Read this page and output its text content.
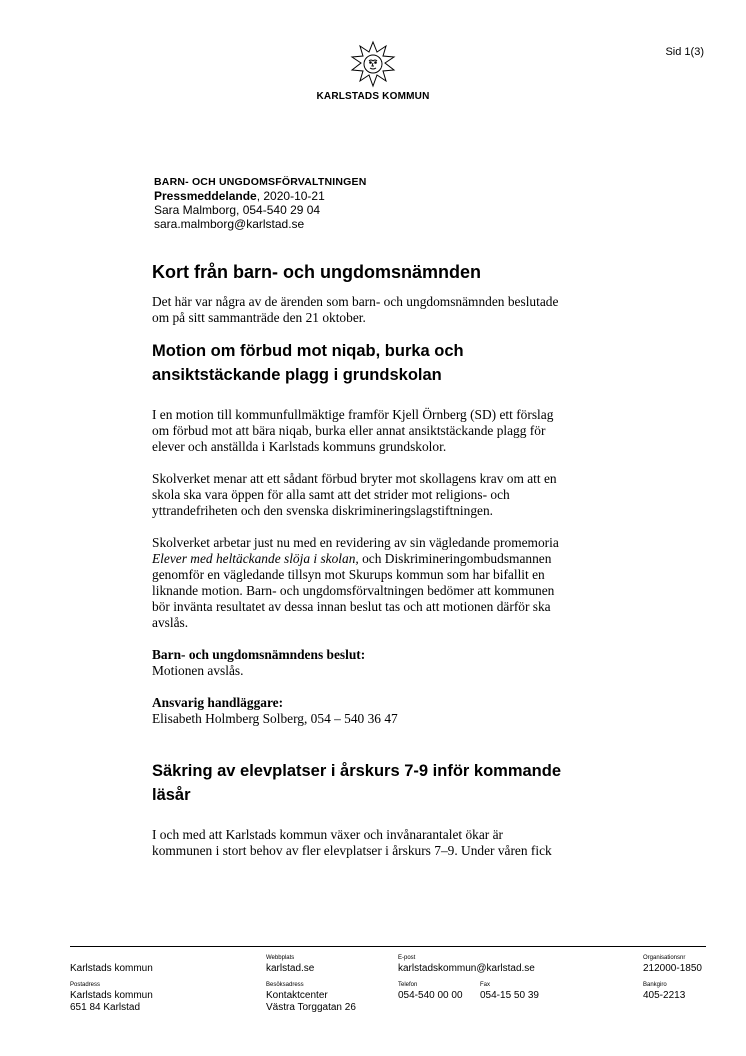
Sid 1(3)
KARLSTADS KOMMUN
BARN- OCH UNGDOMSFÖRVALTNINGEN
Pressmeddelande, 2020-10-21
Sara Malmborg, 054-540 29 04
sara.malmborg@karlstad.se
Kort från barn- och ungdomsnämnden

Det här var några av de ärenden som barn- och ungdomsnämnden beslutade
om på sitt sammanträde den 21 oktober.

Motion om förbud mot niqab, burka och
ansiktstäckande plagg i grundskolan

I en motion till kommunfullmäktige framför Kjell Örnberg (SD) ett förslag
om förbud mot att bära niqab, burka eller annat ansiktstäckande plagg för
elever och anställda i Karlstads kommuns grundskolor.

Skolverket menar att ett sådant förbud bryter mot skollagens krav om att en
skola ska vara öppen för alla samt att det strider mot religions- och
yttrandefriheten och den svenska diskrimineringslagstiftningen.

Skolverket arbetar just nu med en revidering av sin vägledande promemoria
Elever med heltäckande slöja i skolan, och Diskrimineringombudsmannen
genomför en vägledande tillsyn mot Skurups kommun som har bifallit en
liknande motion. Barn- och ungdomsförvaltningen bedömer att kommunen
bör invänta resultatet av dessa innan beslut tas och att motionen därför ska
avslås.

Barn- och ungdomsnämndens beslut:
Motionen avslås.

Ansvarig handläggare:
Elisabeth Holmberg Solberg, 054 – 540 36 47

Säkring av elevplatser i årskurs 7-9 inför kommande
läsår

I och med att Karlstads kommun växer och invånarantalet ökar är
kommunen i stort behov av fler elevplatser i årskurs 7–9. Under våren fick

Karlstads kommun
Webbplats
karlstad.se
E-post
karlstadskommun@karlstad.se
Organisationsnr
212000-1850
Postadress
Karlstads kommun
651 84 Karlstad
Besöksadress
Kontaktcenter
Västra Torggatan 26
Telefon
054-540 00 00
Fax
054-15 50 39
Bankgiro
405-2213
